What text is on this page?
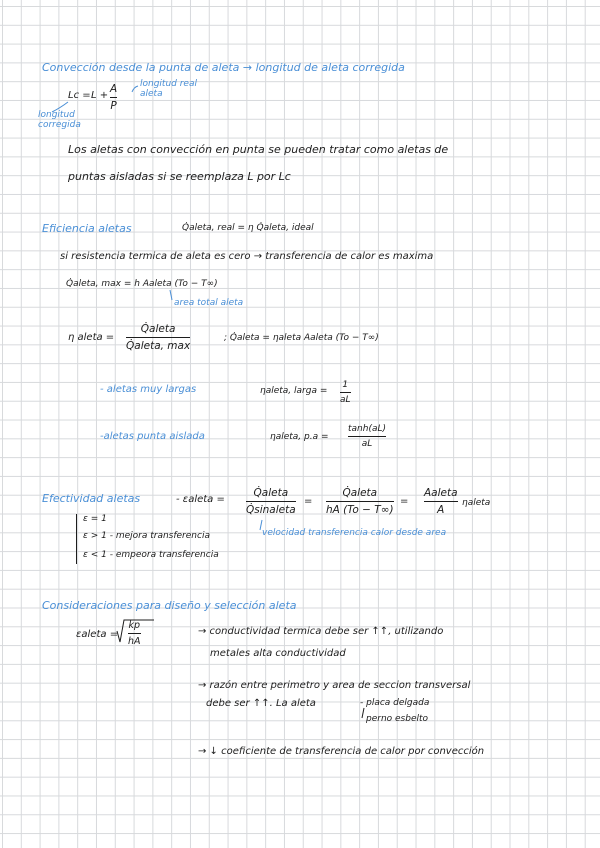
Convección desde la punta de aleta → longitud de aleta corregida
Lc = L +
A
P
longitud real
aleta
longitud
corregida
Los aletas con convección en punta se pueden tratar como aletas de
puntas aisladas si se reemplaza L por Lc
Eficiencia aletas	Q̇aleta, real = η Q̇aleta, ideal
si resistencia termica de aleta es cero → transferencia de calor es maxima
Q̇aleta, max = h Aaleta (To − T∞)
area total aleta
η aleta =
Q̇aleta
Q̇aleta, max
; Q̇aleta = ηaleta Aaleta (To − T∞)
- aletas muy largas	ηaleta, larga =
1
aL
-aletas punta aislada	ηaleta, p.a =
tanh(aL)
aL
Efectividad aletas	- εaleta =
Q̇aleta
Q̇sinaleta
=
Q̇aleta
hA (To − T∞)
=
Aaleta
A
ηaleta
velocidad transferencia calor desde area
ε = 1
ε > 1 - mejora transferencia
ε < 1 - empeora transferencia
Consideraciones para diseño y selección aleta
εaleta =
kp
hA
→ conductividad termica debe ser ↑↑, utilizando
metales alta conductividad
→ razón entre perimetro y area de seccion transversal
debe ser ↑↑. La aleta	- placa delgada
perno esbelto
→ ↓ coeficiente de transferencia de calor por convección
